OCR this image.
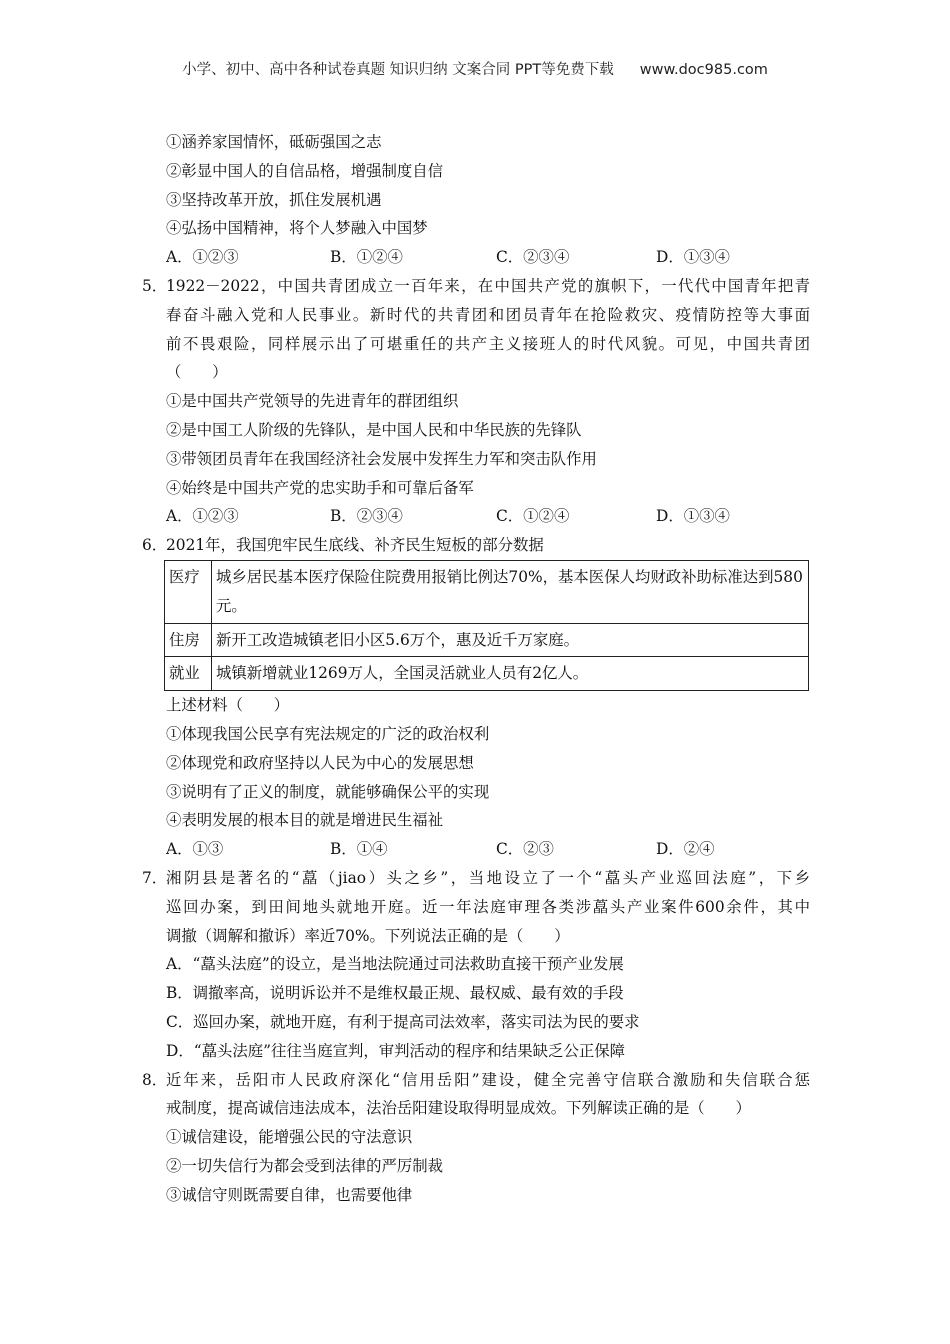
小学、初中、高中各种试卷真题 知识归纳 文案合同 PPT等免费下载 www.doc985.com
①涵养家国情怀，砥砺强国之志
②彰显中国人的自信品格，增强制度自信
③坚持改革开放，抓住发展机遇
④弘扬中国精神，将个人梦融入中国梦
A．①②③	B．①②④	C．②③④	D．①③④
5．
1922－2022，中国共青团成立一百年来，在中国共产党的旗帜下，一代代中国青年把青
春奋斗融入党和人民事业。新时代的共青团和团员青年在抢险救灾、疫情防控等大事面
前不畏艰险，同样展示出了可堪重任的共产主义接班人的时代风貌。可见，中国共青团
（　　）
①是中国共产党领导的先进青年的群团组织
②是中国工人阶级的先锋队，是中国人民和中华民族的先锋队
③带领团员青年在我国经济社会发展中发挥生力军和突击队作用
④始终是中国共产党的忠实助手和可靠后备军
A．①②③	B．②③④	C．①②④	D．①③④
6．
2021年，我国兜牢民生底线、补齐民生短板的部分数据
医疗	城乡居民基本医疗保险住院费用报销比例达70%，基本医保人均财政补助标准达到580元。
住房	新开工改造城镇老旧小区5.6万个，惠及近千万家庭。
就业	城镇新增就业1269万人，全国灵活就业人员有2亿人。
上述材料（　　）
①体现我国公民享有宪法规定的广泛的政治权利
②体现党和政府坚持以人民为中心的发展思想
③说明有了正义的制度，就能够确保公平的实现
④表明发展的根本目的就是增进民生福祉
A．①③	B．①④	C．②③	D．②④
7．
湘阴县是著名的“藠（jiao）头之乡”，当地设立了一个“藠头产业巡回法庭”，下乡
巡回办案，到田间地头就地开庭。近一年法庭审理各类涉藠头产业案件600余件，其中
调撤（调解和撤诉）率近70%。下列说法正确的是（　　）
A．“藠头法庭”的设立，是当地法院通过司法救助直接干预产业发展
B．调撤率高，说明诉讼并不是维权最正规、最权威、最有效的手段
C．巡回办案，就地开庭，有利于提高司法效率，落实司法为民的要求
D．“藠头法庭”往往当庭宣判，审判活动的程序和结果缺乏公正保障
8．
近年来，岳阳市人民政府深化“信用岳阳”建设，健全完善守信联合激励和失信联合惩
戒制度，提高诚信违法成本，法治岳阳建设取得明显成效。下列解读正确的是（　　）
①诚信建设，能增强公民的守法意识
②一切失信行为都会受到法律的严厉制裁
③诚信守则既需要自律，也需要他律
